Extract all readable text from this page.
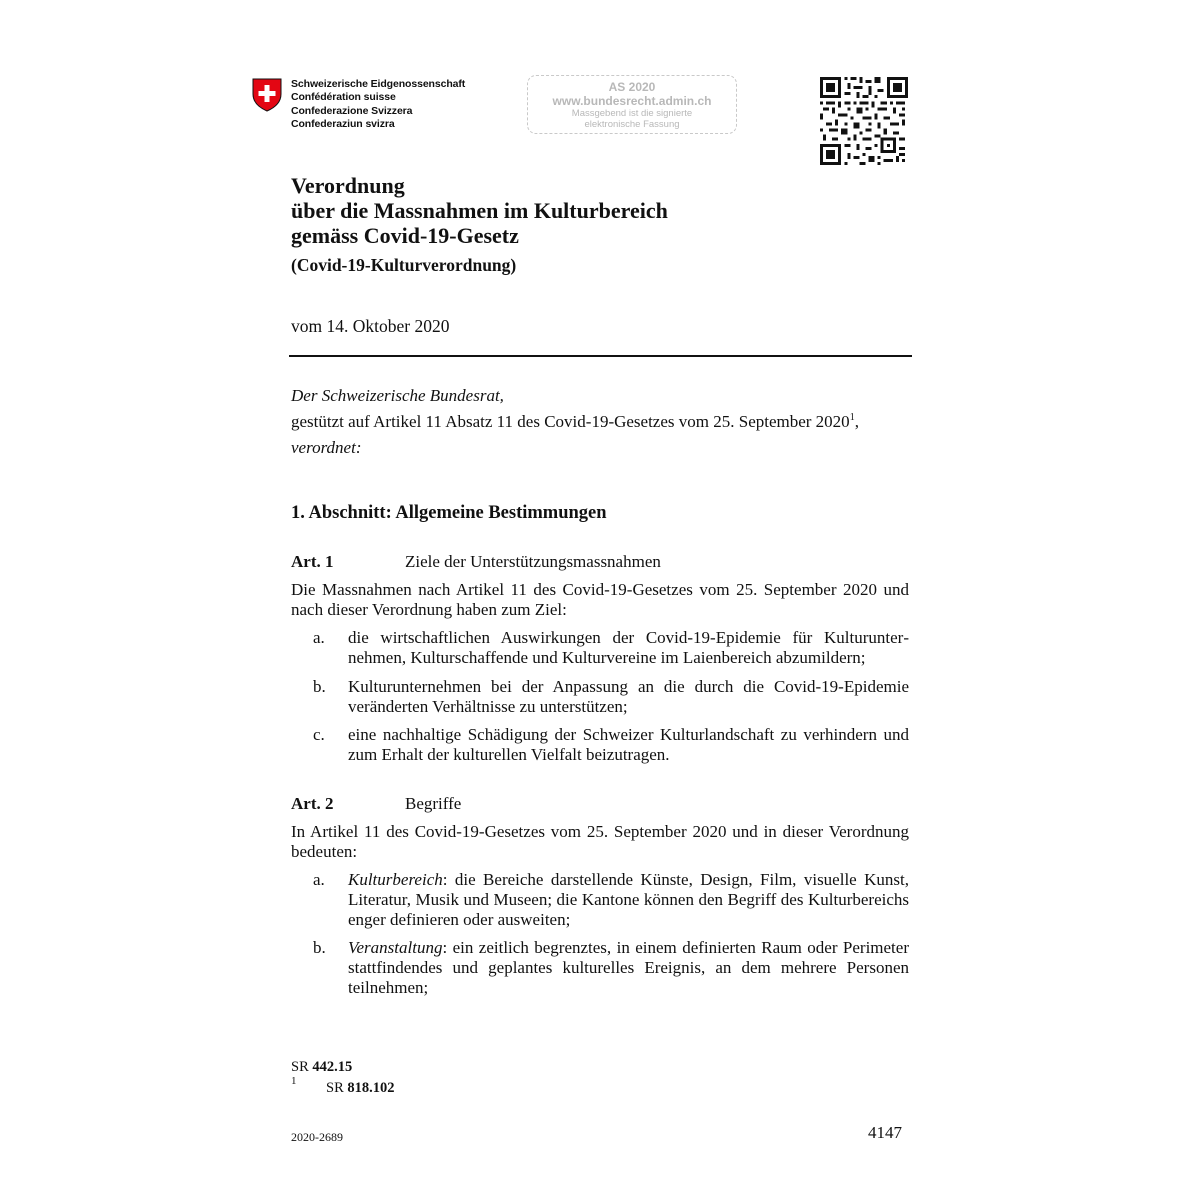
Schweizerische Eidgenossenschaft
Confédération suisse
Confederazione Svizzera
Confederaziun svizra
AS 2020
www.bundesrecht.admin.ch
Massgebend ist die signierte
elektronische Fassung
Verordnung
über die Massnahmen im Kulturbereich
gemäss Covid-19-Gesetz
(Covid-19-Kulturverordnung)
vom 14. Oktober 2020
Der Schweizerische Bundesrat,
gestützt auf Artikel 11 Absatz 11 des Covid-19-Gesetzes vom 25. September 2020$^1$,
verordnet:
1. Abschnitt: Allgemeine Bestimmungen
Art. 1	Ziele der Unterstützungsmassnahmen
Die Massnahmen nach Artikel 11 des Covid-19-Gesetzes vom 25. September 2020 und nach dieser Verordnung haben zum Ziel:
a. die wirtschaftlichen Auswirkungen der Covid-19-Epidemie für Kulturunternehmen, Kulturschaffende und Kulturvereine im Laienbereich abzumildern;
b. Kulturunternehmen bei der Anpassung an die durch die Covid-19-Epidemie veränderten Verhältnisse zu unterstützen;
c. eine nachhaltige Schädigung der Schweizer Kulturlandschaft zu verhindern und zum Erhalt der kulturellen Vielfalt beizutragen.
Art. 2	Begriffe
In Artikel 11 des Covid-19-Gesetzes vom 25. September 2020 und in dieser Verordnung bedeuten:
a. Kulturbereich: die Bereiche darstellende Künste, Design, Film, visuelle Kunst, Literatur, Musik und Museen; die Kantone können den Begriff des Kulturbereichs enger definieren oder ausweiten;
b. Veranstaltung: ein zeitlich begrenztes, in einem definierten Raum oder Perimeter stattfindendes und geplantes kulturelles Ereignis, an dem mehrere Personen teilnehmen;
SR 442.15
1 SR 818.102
2020-2689	4147
